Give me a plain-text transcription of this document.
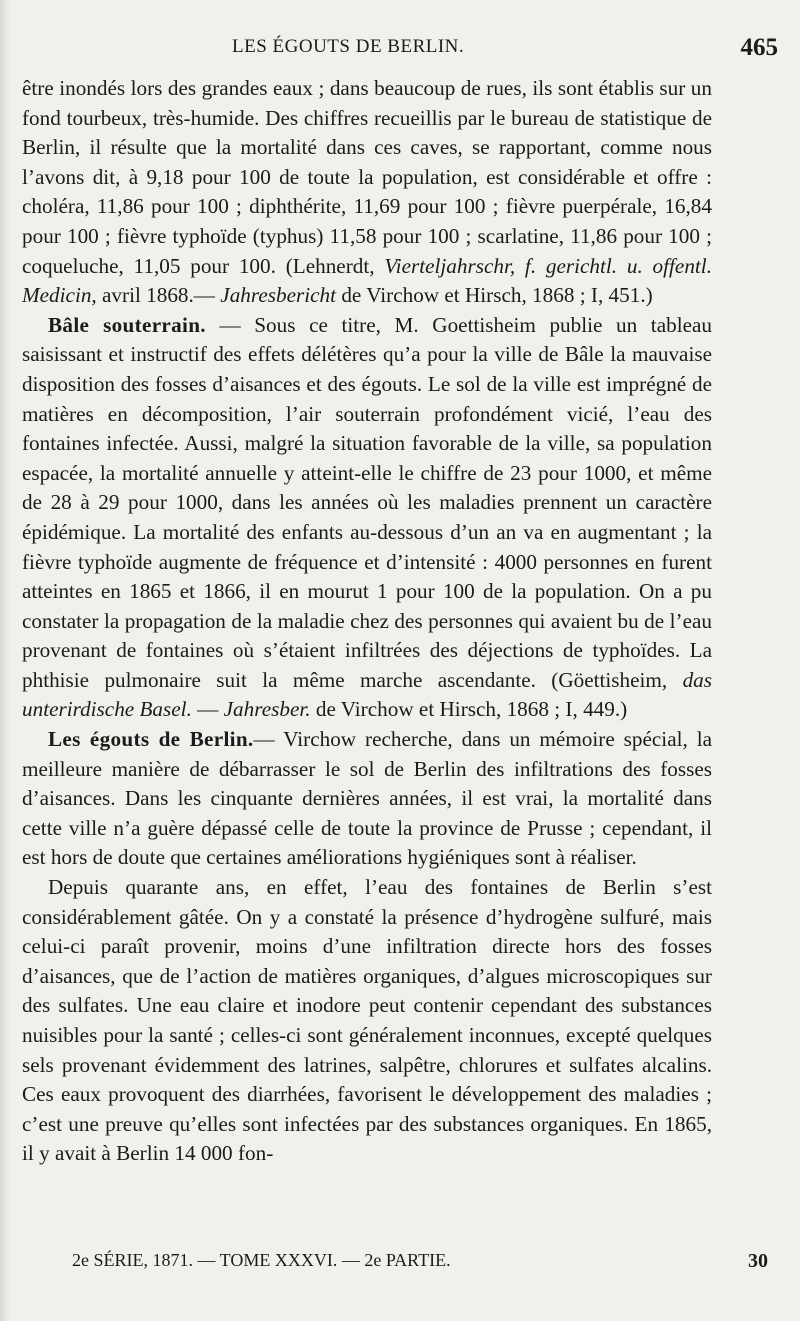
LES ÉGOUTS DE BERLIN.	465

être inondés lors des grandes eaux ; dans beaucoup de rues, ils sont établis sur un fond tourbeux, très-humide. Des chiffres recueillis par le bureau de statistique de Berlin, il résulte que la mortalité dans ces caves, se rapportant, comme nous l’avons dit, à 9,18 pour 100 de toute la population, est considérable et offre : choléra, 11,86 pour 100 ; diphthérite, 11,69 pour 100 ; fièvre puerpérale, 16,84 pour 100 ; fièvre typhoïde (typhus) 11,58 pour 100 ; scarlatine, 11,86 pour 100 ; coqueluche, 11,05 pour 100. (Lehnerdt, Vierteljahrschr, f. gerichtl. u. offentl. Medicin, avril 1868.— Jahresbericht de Virchow et Hirsch, 1868 ; I, 451.)

Bâle souterrain. — Sous ce titre, M. Goettisheim publie un tableau saisissant et instructif des effets délétères qu’a pour la ville de Bâle la mauvaise disposition des fosses d’aisances et des égouts. Le sol de la ville est imprégné de matières en décomposition, l’air souterrain profondément vicié, l’eau des fontaines infectée. Aussi, malgré la situation favorable de la ville, sa population espacée, la mortalité annuelle y atteint-elle le chiffre de 23 pour 1000, et même de 28 à 29 pour 1000, dans les années où les maladies prennent un caractère épidémique. La mortalité des enfants au-dessous d’un an va en augmentant ; la fièvre typhoïde augmente de fréquence et d’intensité : 4000 personnes en furent atteintes en 1865 et 1866, il en mourut 1 pour 100 de la population. On a pu constater la propagation de la maladie chez des personnes qui avaient bu de l’eau provenant de fontaines où s’étaient infiltrées des déjections de typhoïdes. La phthisie pulmonaire suit la même marche ascendante. (Göettisheim, das unterirdische Basel. — Jahresber. de Virchow et Hirsch, 1868 ; I, 449.)

Les égouts de Berlin.— Virchow recherche, dans un mémoire spécial, la meilleure manière de débarrasser le sol de Berlin des infiltrations des fosses d’aisances. Dans les cinquante dernières années, il est vrai, la mortalité dans cette ville n’a guère dépassé celle de toute la province de Prusse ; cependant, il est hors de doute que certaines améliorations hygiéniques sont à réaliser.

Depuis quarante ans, en effet, l’eau des fontaines de Berlin s’est considérablement gâtée. On y a constaté la présence d’hydrogène sulfuré, mais celui-ci paraît provenir, moins d’une infiltration directe hors des fosses d’aisances, que de l’action de matières organiques, d’algues microscopiques sur des sulfates. Une eau claire et inodore peut contenir cependant des substances nuisibles pour la santé ; celles-ci sont généralement inconnues, excepté quelques sels provenant évidemment des latrines, salpêtre, chlorures et sulfates alcalins. Ces eaux provoquent des diarrhées, favorisent le développement des maladies ; c’est une preuve qu’elles sont infectées par des substances organiques. En 1865, il y avait à Berlin 14 000 fon-

2e SÉRIE, 1871. — TOME XXXVI. — 2e PARTIE.	30
